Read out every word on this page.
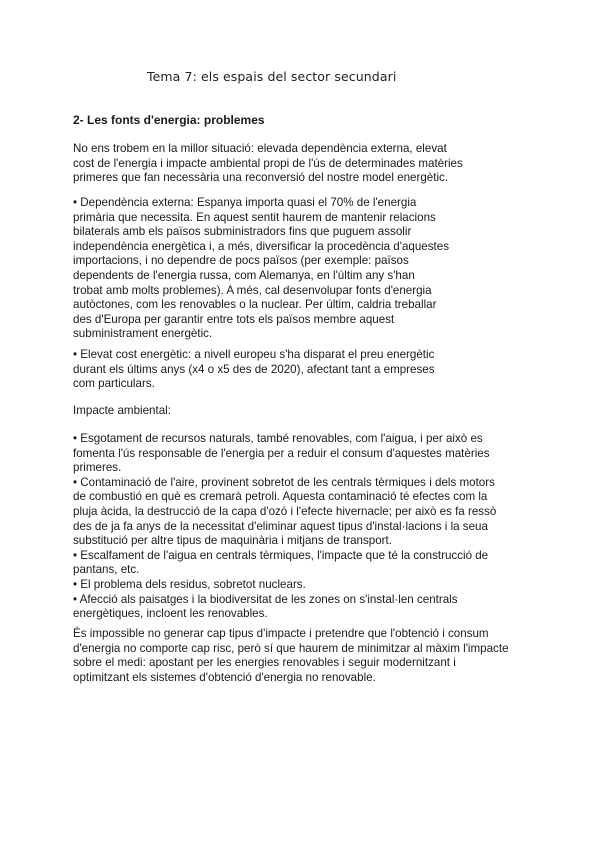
Tema 7: els espais del sector secundari
2- Les fonts d'energia: problemes
No ens trobem en la millor situació: elevada dependència externa, elevat
cost de l'energia i impacte ambiental propi de l'ús de determinades matèries
primeres que fan necessària una reconversió del nostre model energètic.
• Dependència externa: Espanya importa quasi el 70% de l'energia
primària que necessita. En aquest sentit haurem de mantenir relacions
bilaterals amb els països subministradors fins que puguem assolir
independència energètica i, a més, diversificar la procedència d'aquestes
importacions, i no dependre de pocs països (per exemple: països
dependents de l'energia russa, com Alemanya, en l'últim any s'han
trobat amb molts problemes). A més, cal desenvolupar fonts d'energia
autòctones, com les renovables o la nuclear. Per últim, caldria treballar
des d'Europa per garantir entre tots els països membre aquest
subministrament energètic.
• Elevat cost energètic: a nivell europeu s'ha disparat el preu energètic
durant els últims anys (x4 o x5 des de 2020), afectant tant a empreses
com particulars.
Impacte ambiental:
• Esgotament de recursos naturals, també renovables, com l'aigua, i per això es
fomenta l'ús responsable de l'energia per a reduir el consum d'aquestes matèries
primeres.
• Contaminació de l'aire, provinent sobretot de les centrals tèrmiques i dels motors
de combustió en què es cremarà petroli. Aquesta contaminació té efectes com la
pluja àcida, la destrucció de la capa d'ozó i l'efecte hivernacle; per això es fa ressò
des de ja fa anys de la necessitat d'eliminar aquest tipus d'instal·lacions i la seua
substitució per altre tipus de maquinària i mitjans de transport.
• Escalfament de l'aigua en centrals tèrmiques, l'impacte que té la construcció de
pantans, etc.
• El problema dels residus, sobretot nuclears.
• Afecció als paisatges i la biodiversitat de les zones on s'instal·len centrals
energètiques, incloent les renovables.
És impossible no generar cap tipus d'impacte i pretendre que l'obtenció i consum
d'energia no comporte cap risc, però sí que haurem de minimitzar al màxim l'impacte
sobre el medi: apostant per les energies renovables i seguir modernitzant i
optimitzant els sistemes d'obtenció d'energia no renovable.
